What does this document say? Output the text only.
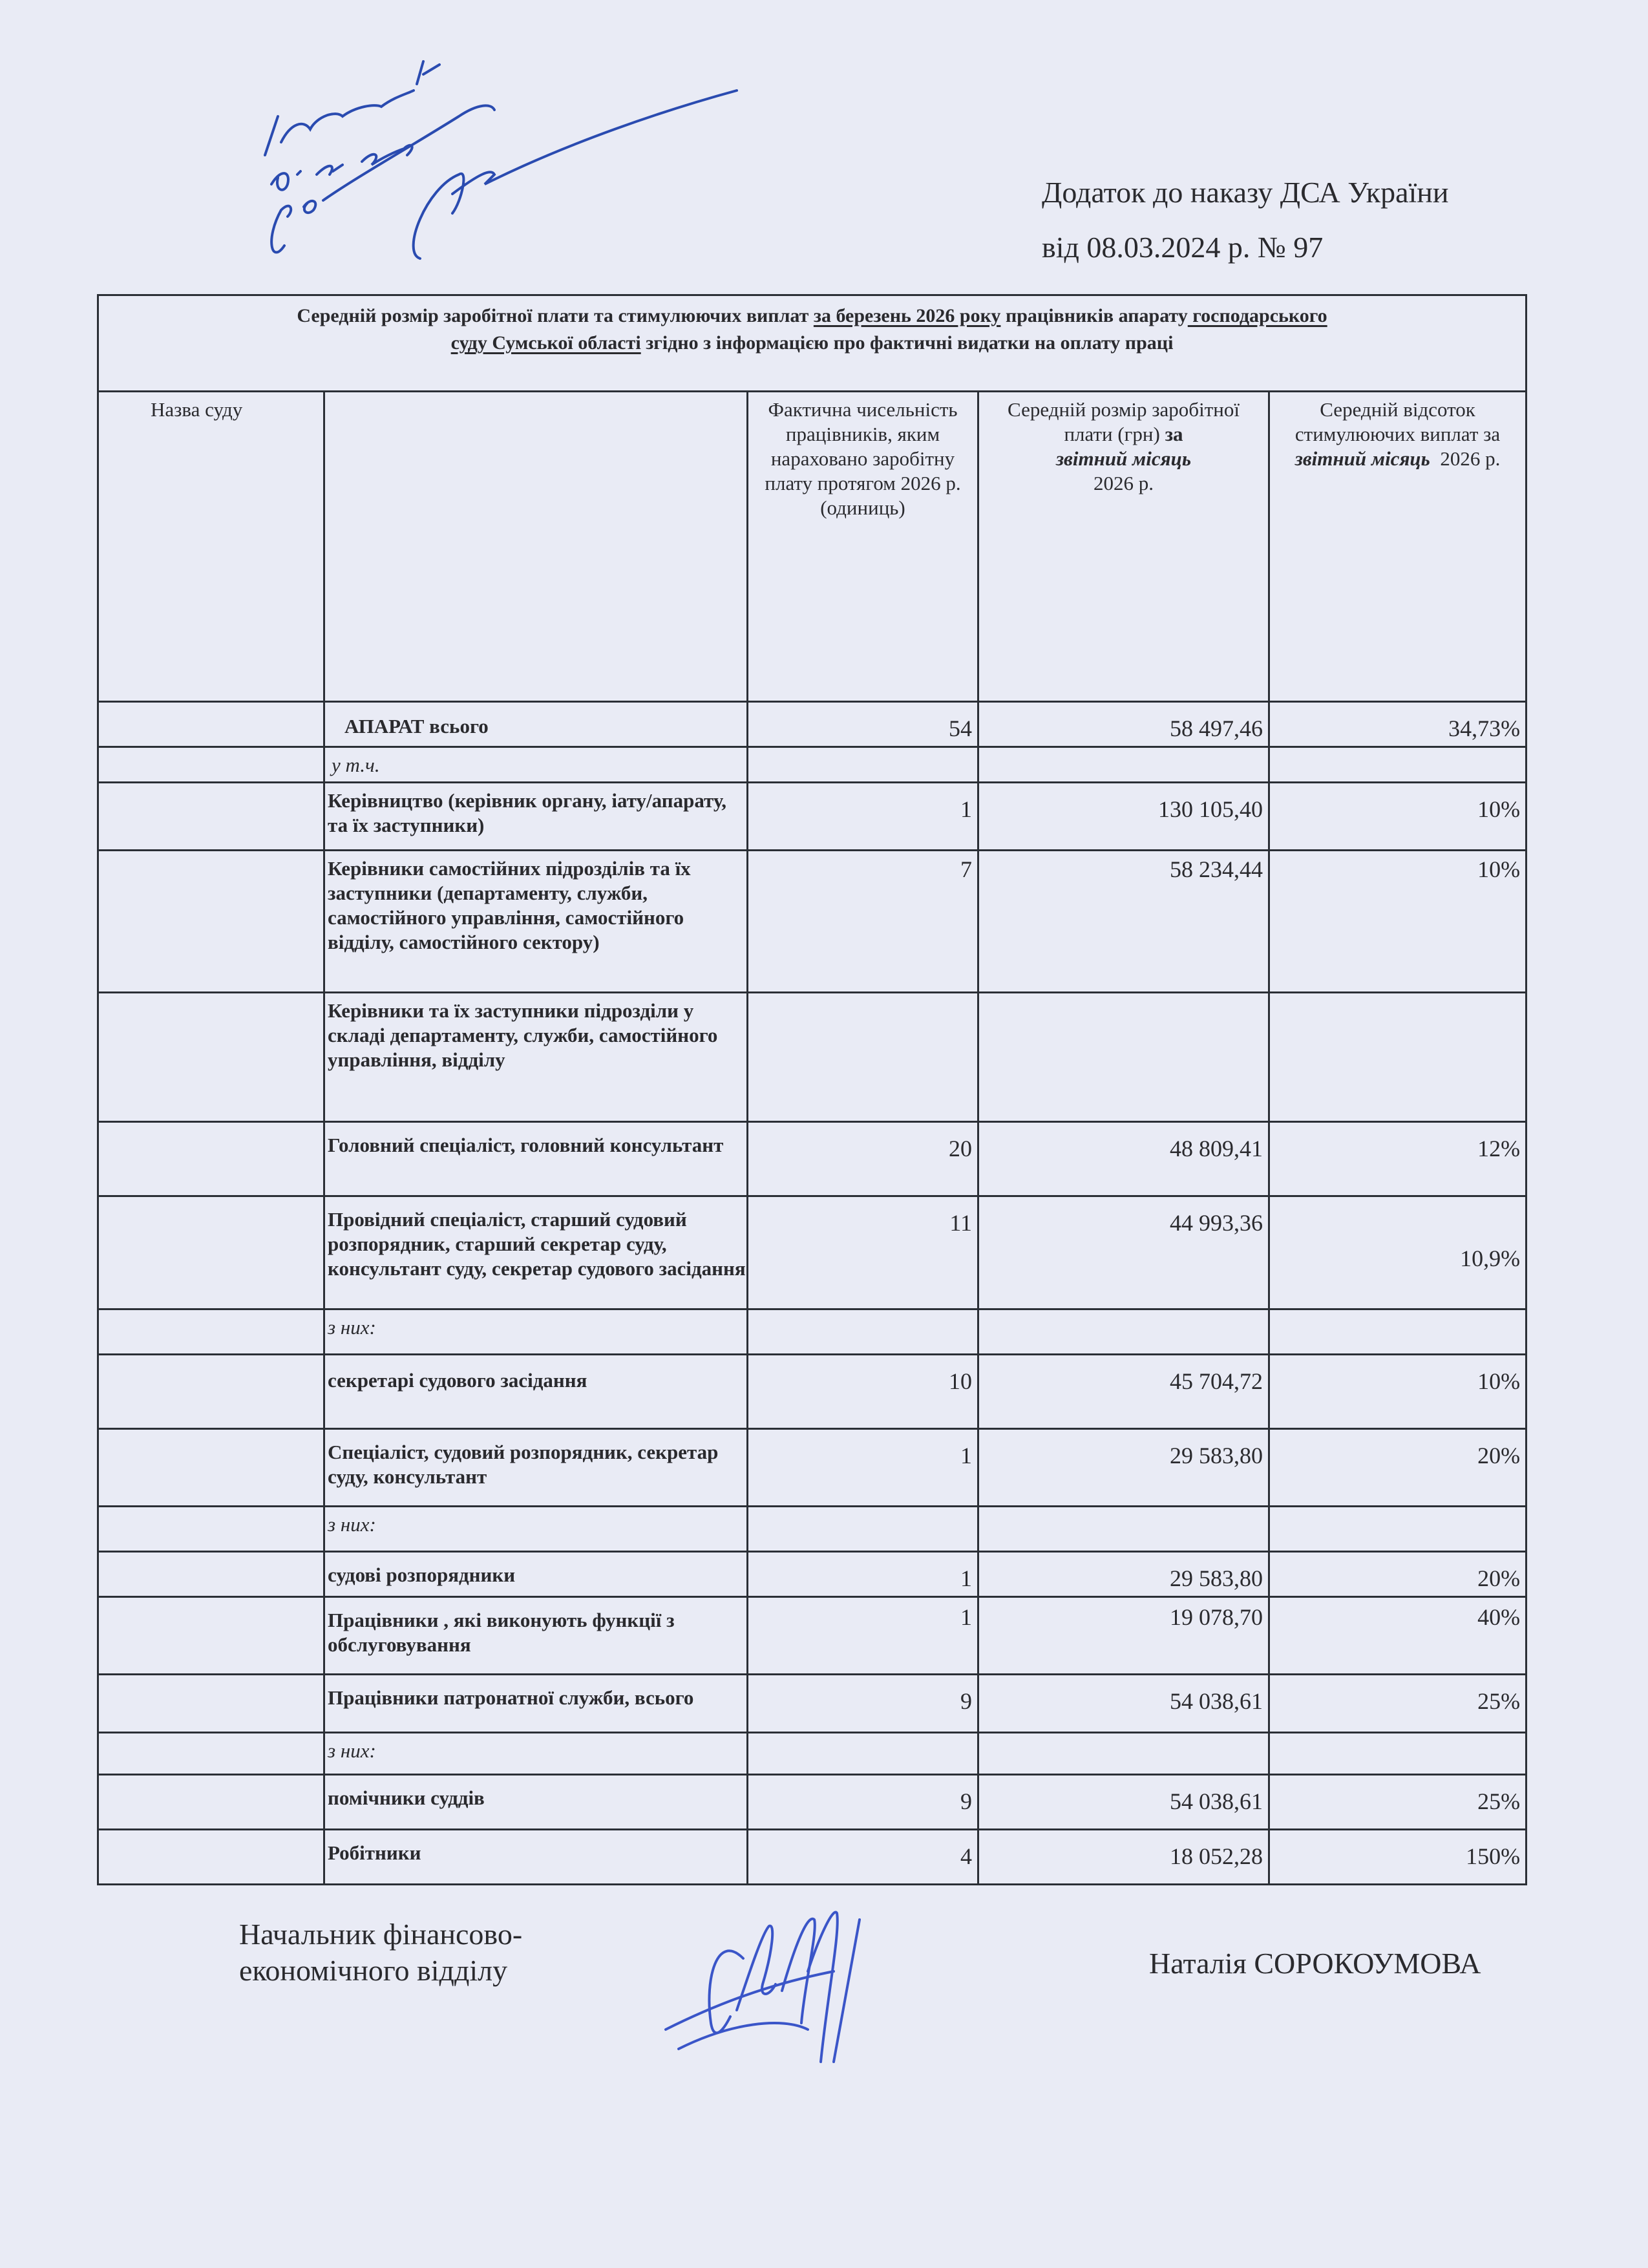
Додаток до наказу ДСА України
від 08.03.2024 р. № 97
Середній розмір заробітної плати та стимулюючих виплат за березень 2026 року працівників апарату господарського
суду Сумської області згідно з інформацією про фактичні видатки на оплату праці				
Назва суду		Фактична чисельність працівників, яким нараховано заробітну плату протягом 2026 р. (одиниць)	Середній розмір заробітної плати (грн) за
звітний місяць
2026 р.	Середній відсоток стимулюючих виплат за звітний місяць 2026 р.
	АПАРАТ всього	54	58 497,46	34,73%
	у т.ч.			
	Керівництво (керівник органу, іату/апарату, та їх заступники)	1	130 105,40	10%
	Керівники самостійних підрозділів та їх заступники (департаменту, служби, самостійного управління, самостійного відділу, самостійного сектору)	7	58 234,44	10%
	Керівники та їх заступники підрозділи у складі департаменту, служби, самостійного управління, відділу			
	Головний спеціаліст, головний консультант	20	48 809,41	12%
	Провідний спеціаліст, старший судовий розпорядник, старший секретар суду, консультант суду, секретар судового засідання	11	44 993,36	10,9%
	з них:			
	секретарі судового засідання	10	45 704,72	10%
	Спеціаліст, судовий розпорядник, секретар суду, консультант	1	29 583,80	20%
	з них:			
	судові розпорядники	1	29 583,80	20%
	Працівники , які виконують функції з обслуговування	1	19 078,70	40%
	Працівники патронатної служби, всього	9	54 038,61	25%
	з них:			
	помічники суддів	9	54 038,61	25%
	Робітники	4	18 052,28	150%
Начальник фінансово-
економічного відділу	Наталія СОРОКОУМОВА
